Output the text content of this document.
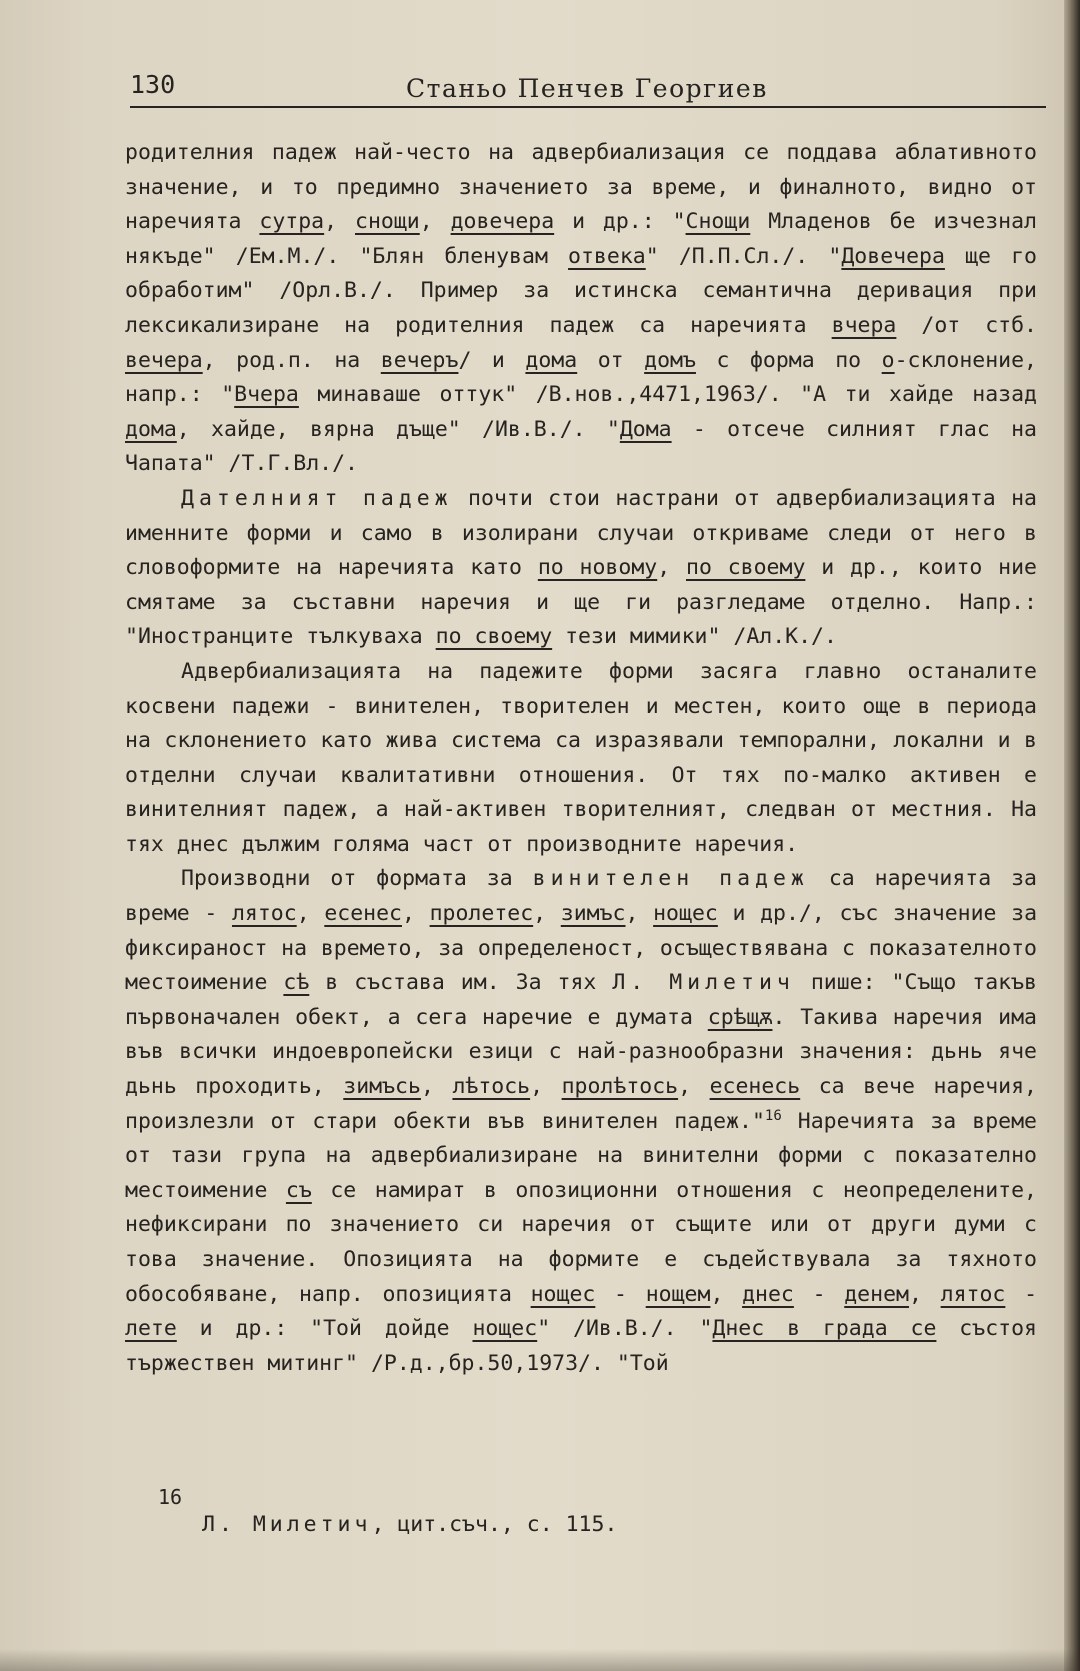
130	Станьо Пенчев Георгиев

родителния падеж най-често на адвербиализация се поддава аблативното значение, и то предимно значението за време, и финалното, видно от наречията сутра, снощи, довечера и др.: "Снощи Младенов бе изчезнал някъде" /Ем.М./. "Блян бленувам отвека" /П.П.Сл./. "Довечера ще го обработим" /Орл.В./. Пример за истинска семантична деривация при лексикализиране на родителния падеж са наречията вчера /от стб. вечера, род.п. на вечеръ/ и дома от домъ с форма по o-склонение, напр.: "Вчера минаваше оттук" /В.нов.,4471,1963/. "А ти хайде назад дома, хайде, вярна дъще" /Ив.В./. "Дома - отсече силният глас на Чапата" /Т.Г.Вл./.

Дателният падеж почти стои настрани от адвербиализацията на именните форми и само в изолирани случаи откриваме следи от него в словоформите на наречията като по новому, по своему и др., които ние смятаме за съставни наречия и ще ги разгледаме отделно. Напр.: "Иностранците тълкуваха по своему тези мимики" /Ал.К./.

Адвербиализацията на падежите форми засяга главно останалите косвени падежи - винителен, творителен и местен, които още в периода на склонението като жива система са изразявали темпорални, локални и в отделни случаи квалитативни отношения. От тях по-малко активен е винителният падеж, а най-активен творителният, следван от местния. На тях днес дължим голяма част от производните наречия.

Производни от формата за винителен падеж са наречията за време - лятос, есенес, пролетес, зимъс, нощес и др./, със значение за фиксираност на времето, за определеност, осъществявана с показателното местоимение сѣ в състава им. За тях Л. Милетич пише: "Също такъв първоначален обект, а сега наречие е думата срѣщѫ. Такива наречия има във всички индоевропейски езици с най-разнообразни значения: дьнь яче дьнь проходить, зимъсь, лѣтось, пролѣтось, есенесь са вече наречия, произлезли от стари обекти във винителен падеж."$^{16}$ Наречията за време от тази група на адвербиализиране на винителни форми с показателно местоимение съ се намират в опозиционни отношения с неопределените, нефиксирани по значението си наречия от същите или от други думи с това значение. Опозицията на формите е съдействувала за тяхното обособяване, напр. опозицията нощес - нощем, днес - денем, лятос - лете и др.: "Той дойде нощес" /Ив.В./. "Днес в града се състоя тържествен митинг" /Р.д.,бр.50,1973/. "Той

16
Л. Милетич, цит.съч., с. 115.
